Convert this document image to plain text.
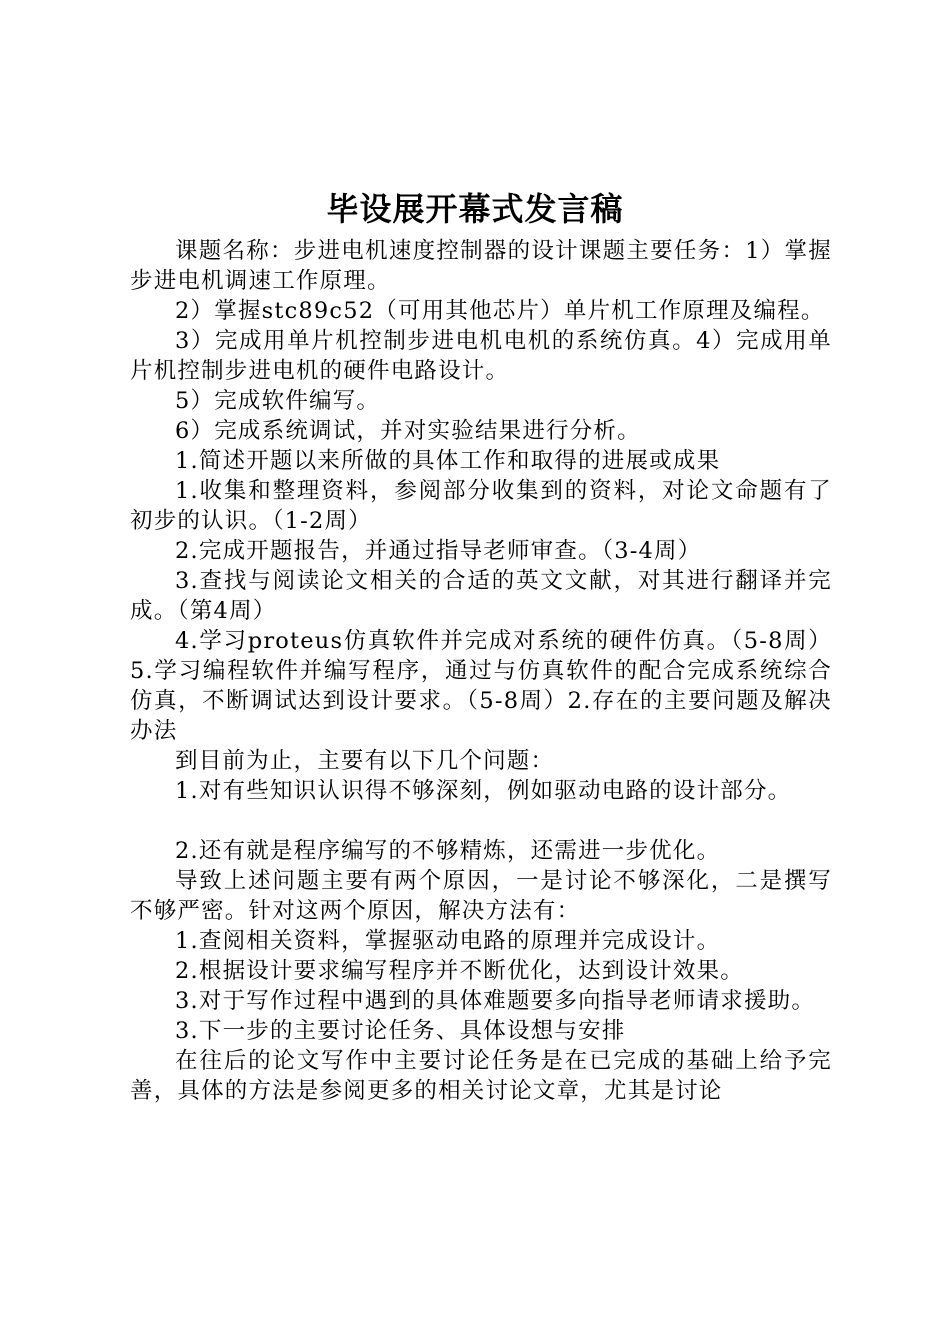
毕设展开幕式发言稿

课题名称：步进电机速度控制器的设计课题主要任务：1）掌握步进电机调速工作原理。

2）掌握stc89c52（可用其他芯片）单片机工作原理及编程。

3）完成用单片机控制步进电机电机的系统仿真。4）完成用单片机控制步进电机的硬件电路设计。

5）完成软件编写。

6）完成系统调试，并对实验结果进行分析。

1.简述开题以来所做的具体工作和取得的进展或成果

1.收集和整理资料，参阅部分收集到的资料，对论文命题有了初步的认识。（1-2周）

2.完成开题报告，并通过指导老师审查。（3-4周）

3.查找与阅读论文相关的合适的英文文献，对其进行翻译并完成。（第4周）

4.学习proteus仿真软件并完成对系统的硬件仿真。（5-8周）5.学习编程软件并编写程序，通过与仿真软件的配合完成系统综合仿真，不断调试达到设计要求。（5-8周）2.存在的主要问题及解决办法

到目前为止，主要有以下几个问题：

1.对有些知识认识得不够深刻，例如驱动电路的设计部分。

2.还有就是程序编写的不够精炼，还需进一步优化。

导致上述问题主要有两个原因，一是讨论不够深化，二是撰写不够严密。针对这两个原因，解决方法有：

1.查阅相关资料，掌握驱动电路的原理并完成设计。

2.根据设计要求编写程序并不断优化，达到设计效果。

3.对于写作过程中遇到的具体难题要多向指导老师请求援助。

3.下一步的主要讨论任务、具体设想与安排

在往后的论文写作中主要讨论任务是在已完成的基础上给予完善，具体的方法是参阅更多的相关讨论文章，尤其是讨论
